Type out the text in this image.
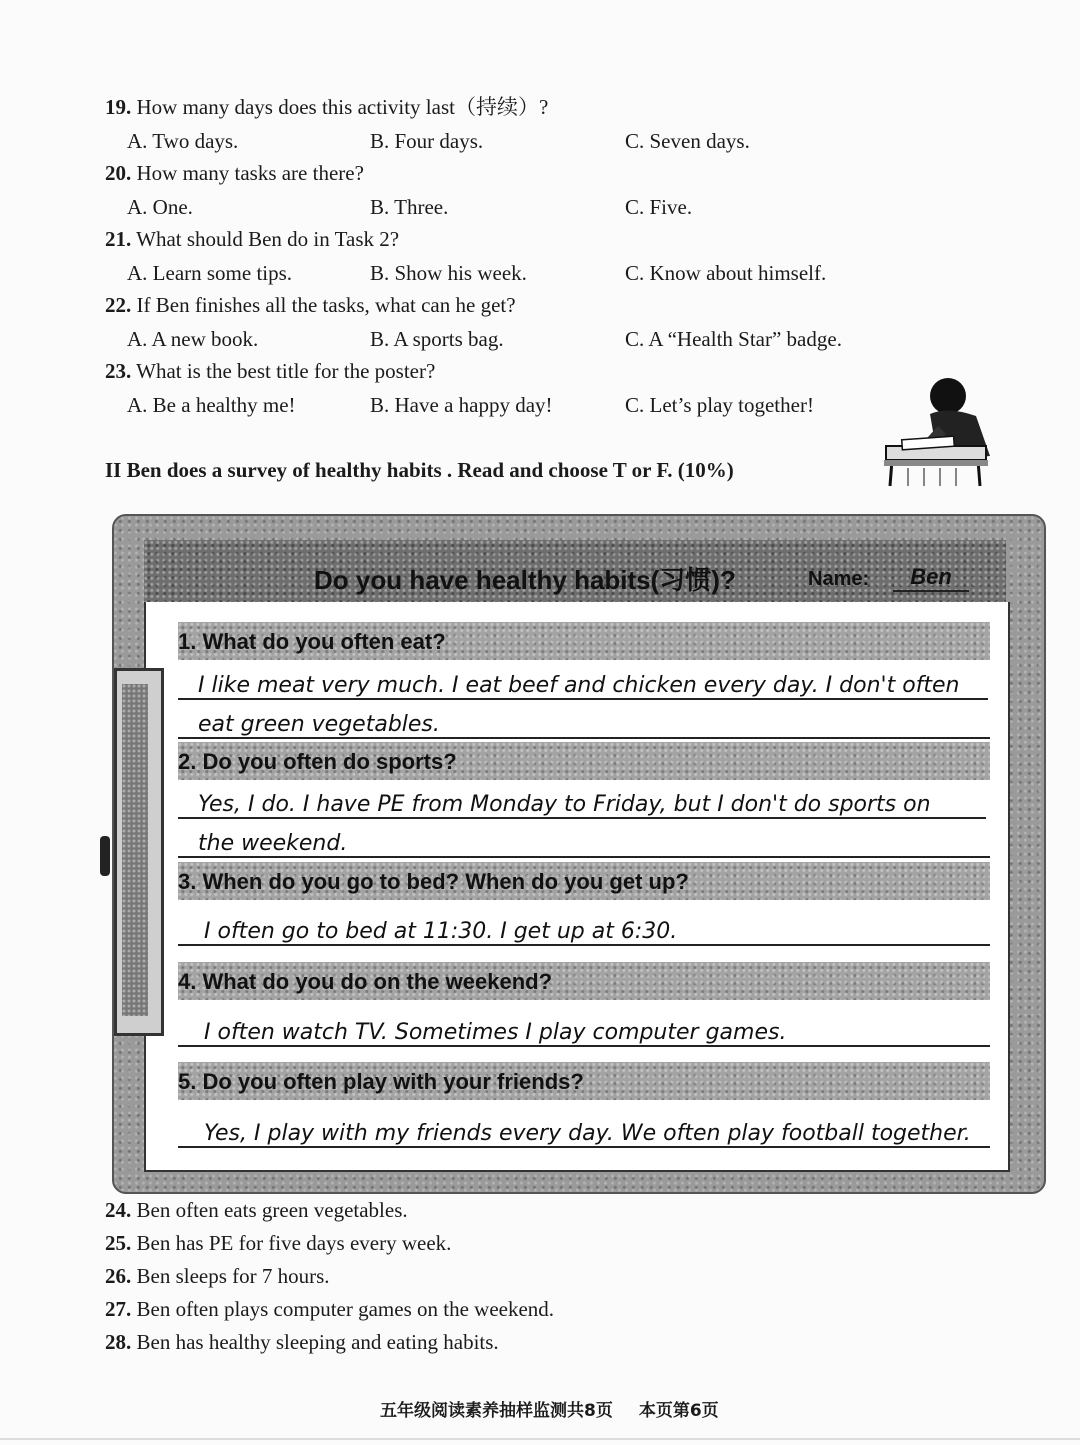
19. How many days does this activity last（持续）?
A. Two days.	B. Four days.	C. Seven days.
20. How many tasks are there?
A. One.	B. Three.	C. Five.
21. What should Ben do in Task 2?
A. Learn some tips.	B. Show his week.	C. Know about himself.
22. If Ben finishes all the tasks, what can he get?
A. A new book.	B. A sports bag.	C. A “Health Star” badge.
23. What is the best title for the poster?
A. Be a healthy me!	B. Have a happy day!	C. Let’s play together!
II Ben does a survey of healthy habits . Read and choose T or F. (10%)
Do you have healthy habits(习惯)?	Name:	Ben
1. What do you often eat?
I like meat very much. I eat beef and chicken every day. I don't often
eat green vegetables.
2. Do you often do sports?
Yes, I do. I have PE from Monday to Friday, but I don't do sports on
the weekend.
3. When do you go to bed? When do you get up?
I often go to bed at 11:30. I get up at 6:30.
4. What do you do on the weekend?
I often watch TV. Sometimes I play computer games.
5. Do you often play with your friends?
Yes, I play with my friends every day. We often play football together.
24. Ben often eats green vegetables.
25. Ben has PE for five days every week.
26. Ben sleeps for 7 hours.
27. Ben often plays computer games on the weekend.
28. Ben has healthy sleeping and eating habits.
五年级阅读素养抽样监测共8页 本页第6页
